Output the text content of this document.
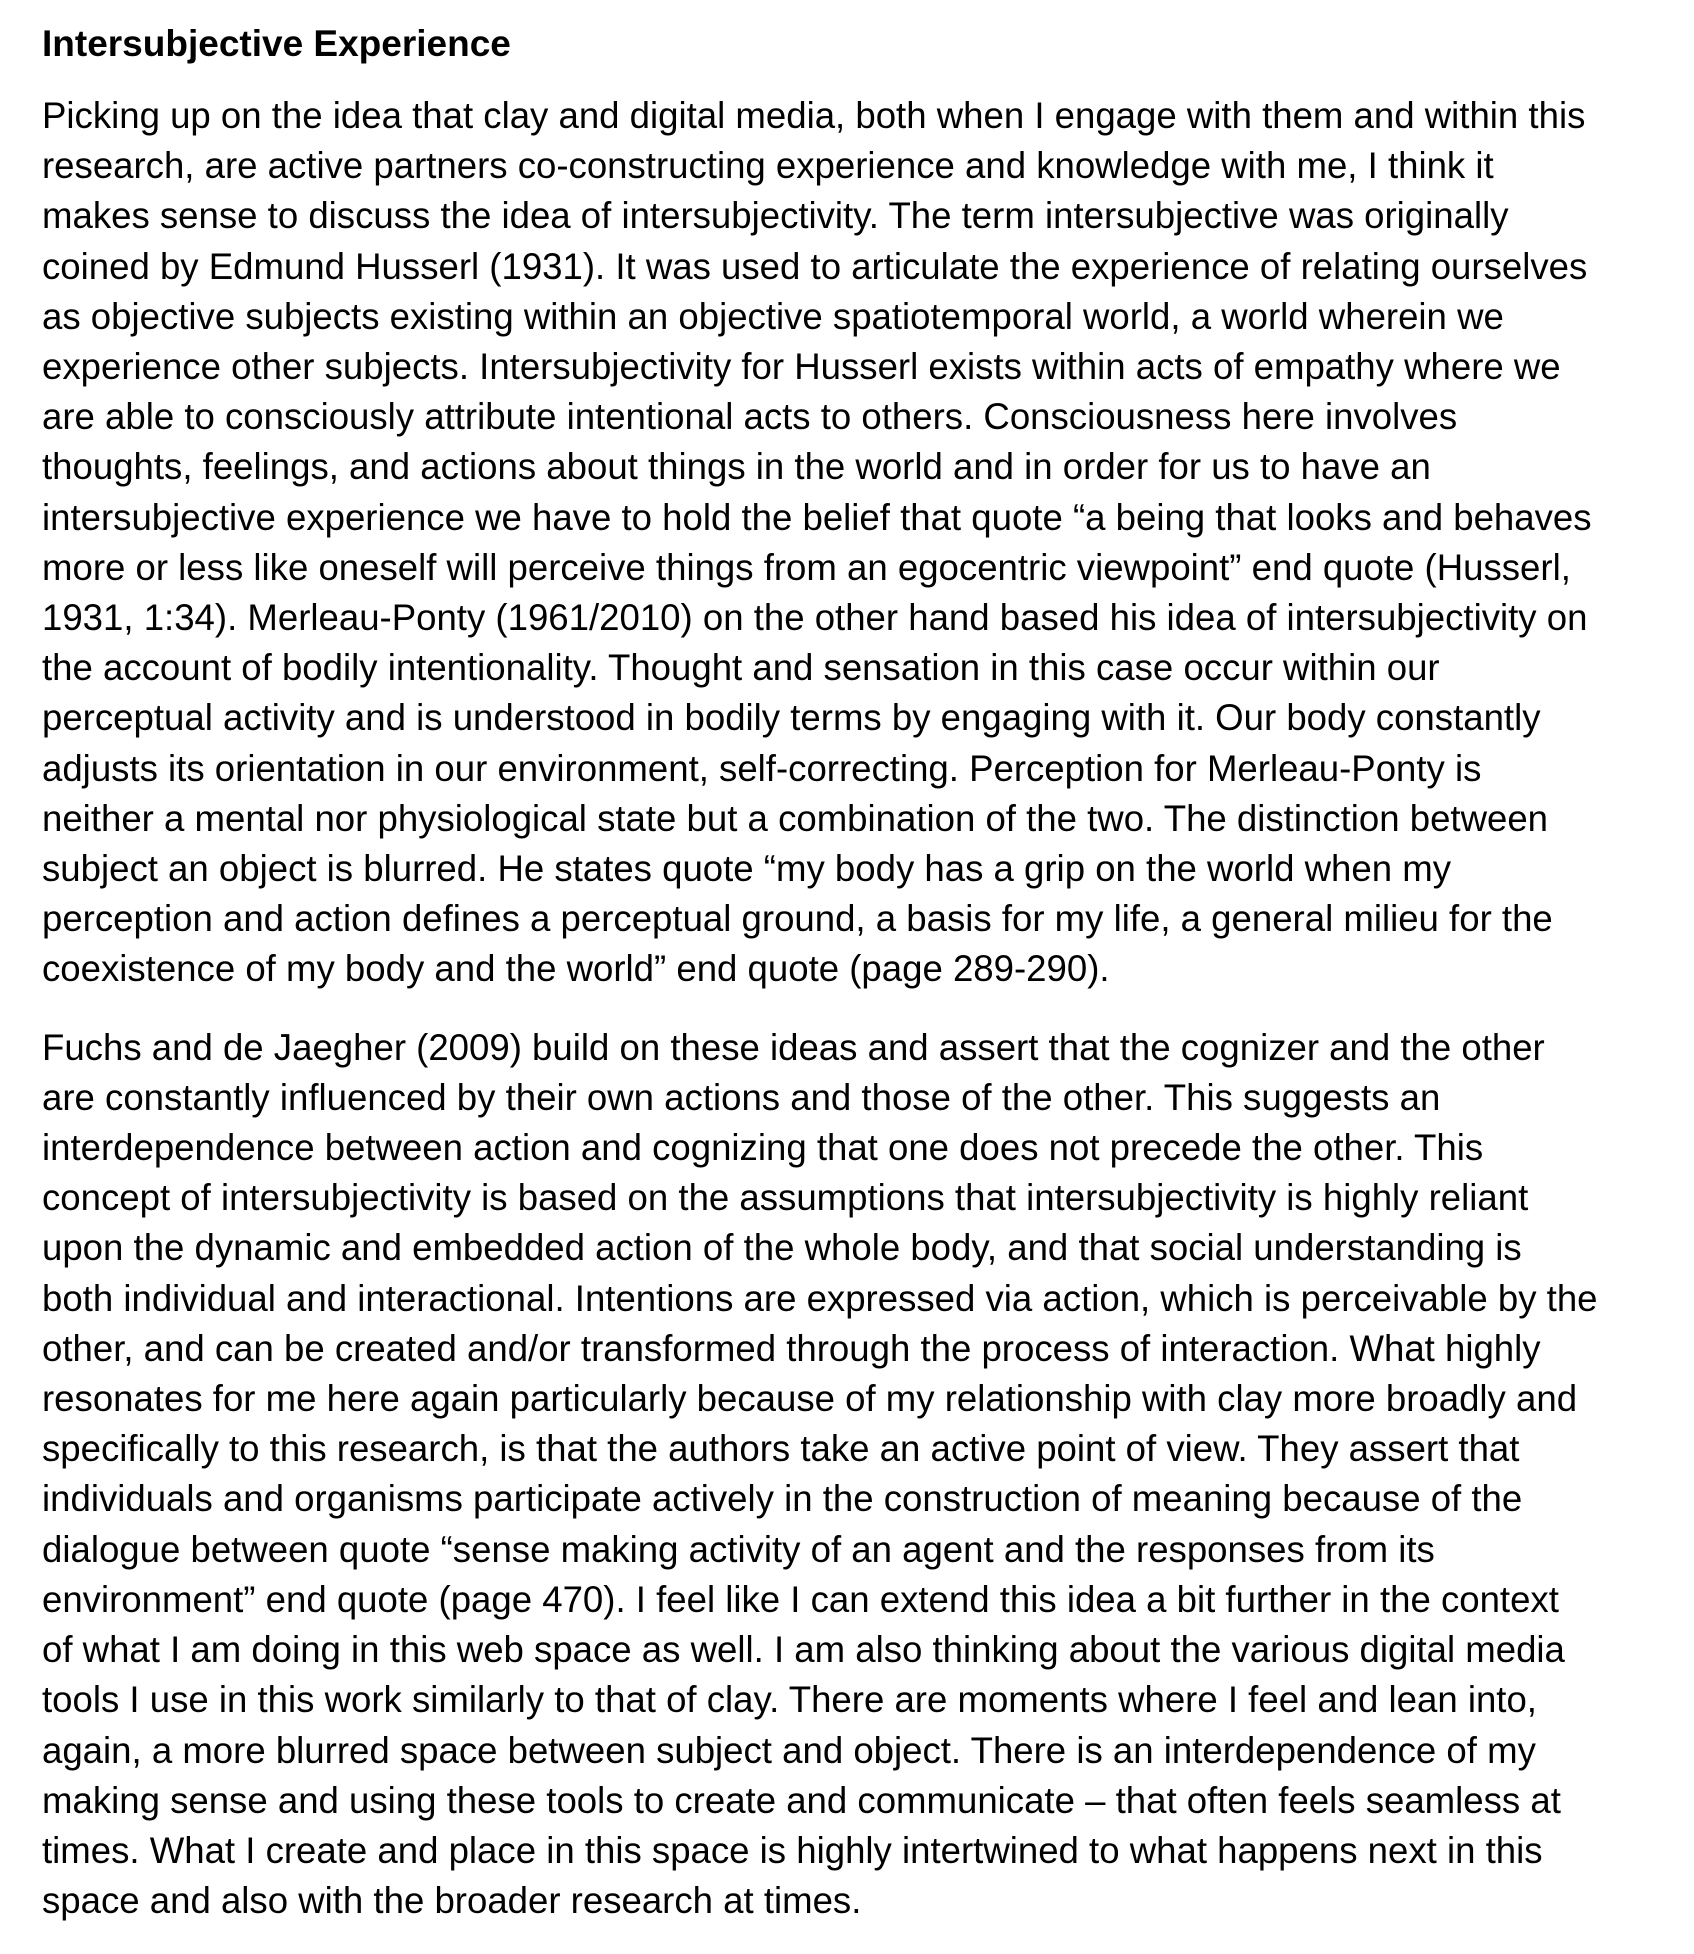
Intersubjective Experience
Picking up on the idea that clay and digital media, both when I engage with them and within this
research, are active partners co-constructing experience and knowledge with me, I think it
makes sense to discuss the idea of intersubjectivity. The term intersubjective was originally
coined by Edmund Husserl (1931). It was used to articulate the experience of relating ourselves
as objective subjects existing within an objective spatiotemporal world, a world wherein we
experience other subjects. Intersubjectivity for Husserl exists within acts of empathy where we
are able to consciously attribute intentional acts to others. Consciousness here involves
thoughts, feelings, and actions about things in the world and in order for us to have an
intersubjective experience we have to hold the belief that quote “a being that looks and behaves
more or less like oneself will perceive things from an egocentric viewpoint” end quote (Husserl,
1931, 1:34). Merleau-Ponty (1961/2010) on the other hand based his idea of intersubjectivity on
the account of bodily intentionality. Thought and sensation in this case occur within our
perceptual activity and is understood in bodily terms by engaging with it. Our body constantly
adjusts its orientation in our environment, self-correcting. Perception for Merleau-Ponty is
neither a mental nor physiological state but a combination of the two. The distinction between
subject an object is blurred. He states quote “my body has a grip on the world when my
perception and action defines a perceptual ground, a basis for my life, a general milieu for the
coexistence of my body and the world” end quote (page 289-290).
Fuchs and de Jaegher (2009) build on these ideas and assert that the cognizer and the other
are constantly influenced by their own actions and those of the other. This suggests an
interdependence between action and cognizing that one does not precede the other. This
concept of intersubjectivity is based on the assumptions that intersubjectivity is highly reliant
upon the dynamic and embedded action of the whole body, and that social understanding is
both individual and interactional. Intentions are expressed via action, which is perceivable by the
other, and can be created and/or transformed through the process of interaction. What highly
resonates for me here again particularly because of my relationship with clay more broadly and
specifically to this research, is that the authors take an active point of view. They assert that
individuals and organisms participate actively in the construction of meaning because of the
dialogue between quote “sense making activity of an agent and the responses from its
environment” end quote (page 470). I feel like I can extend this idea a bit further in the context
of what I am doing in this web space as well. I am also thinking about the various digital media
tools I use in this work similarly to that of clay. There are moments where I feel and lean into,
again, a more blurred space between subject and object. There is an interdependence of my
making sense and using these tools to create and communicate – that often feels seamless at
times. What I create and place in this space is highly intertwined to what happens next in this
space and also with the broader research at times.
